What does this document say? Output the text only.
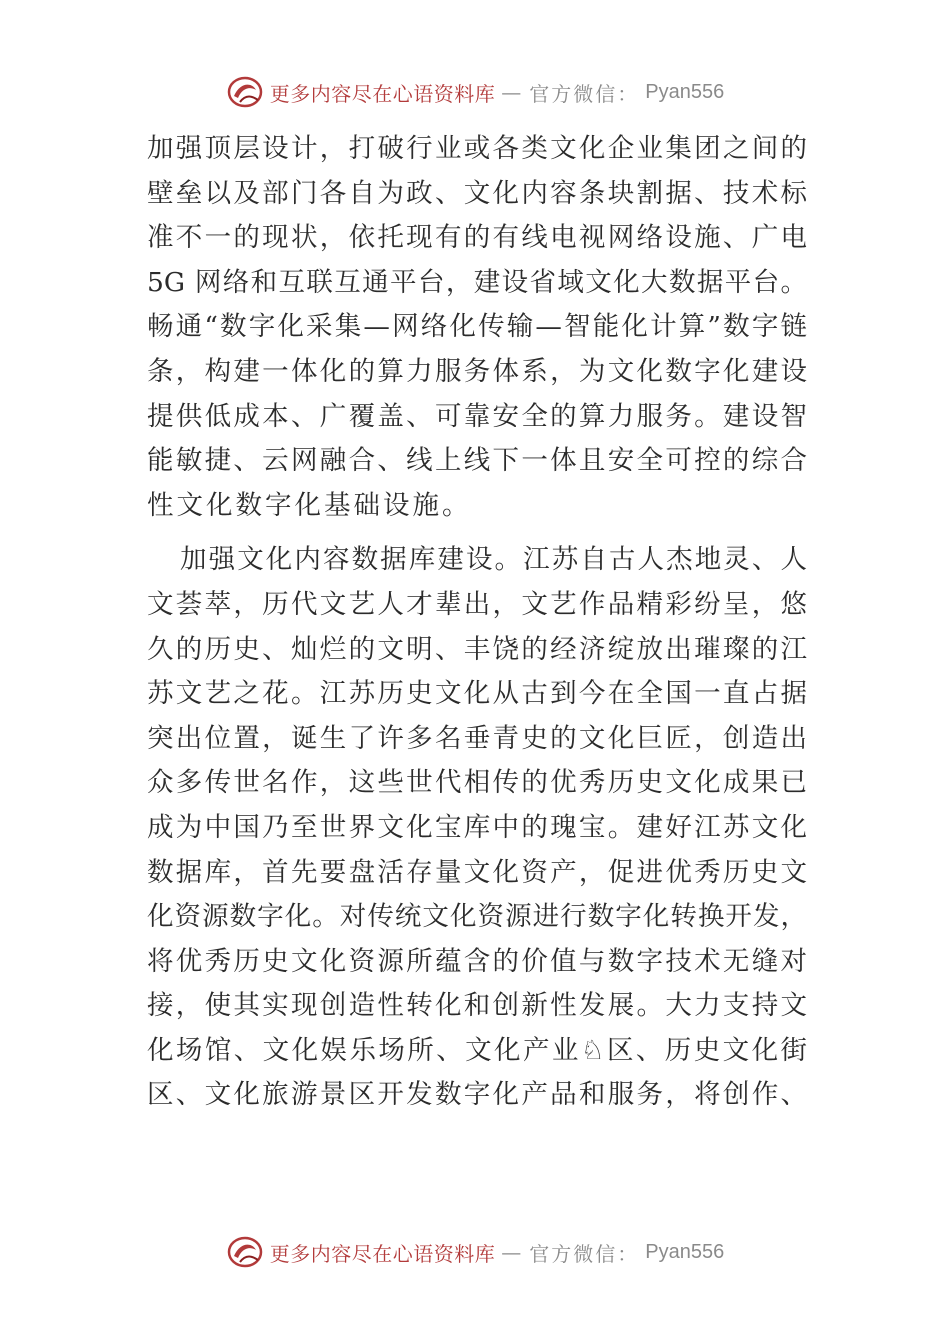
更多内容尽在心语资料库 — 官方微信： Pyan556
加强顶层设计，打破行业或各类文化企业集团之间的
壁垒以及部门各自为政、文化内容条块割据、技术标
准不一的现状，依托现有的有线电视网络设施、广电
5G 网络和互联互通平台，建设省域文化大数据平台。
畅通“数字化采集—网络化传输—智能化计算”数字链
条，构建一体化的算力服务体系，为文化数字化建设
提供低成本、广覆盖、可靠安全的算力服务。建设智
能敏捷、云网融合、线上线下一体且安全可控的综合
性文化数字化基础设施。
加强文化内容数据库建设。江苏自古人杰地灵、人
文荟萃，历代文艺人才辈出，文艺作品精彩纷呈，悠
久的历史、灿烂的文明、丰饶的经济绽放出璀璨的江
苏文艺之花。江苏历史文化从古到今在全国一直占据
突出位置，诞生了许多名垂青史的文化巨匠，创造出
众多传世名作，这些世代相传的优秀历史文化成果已
成为中国乃至世界文化宝库中的瑰宝。建好江苏文化
数据库，首先要盘活存量文化资产，促进优秀历史文
化资源数字化。对传统文化资源进行数字化转换开发，
将优秀历史文化资源所蕴含的价值与数字技术无缝对
接，使其实现创造性转化和创新性发展。大力支持文
化场馆、文化娱乐场所、文化产业♘区、历史文化街
区、文化旅游景区开发数字化产品和服务，将创作、
更多内容尽在心语资料库 — 官方微信： Pyan556
